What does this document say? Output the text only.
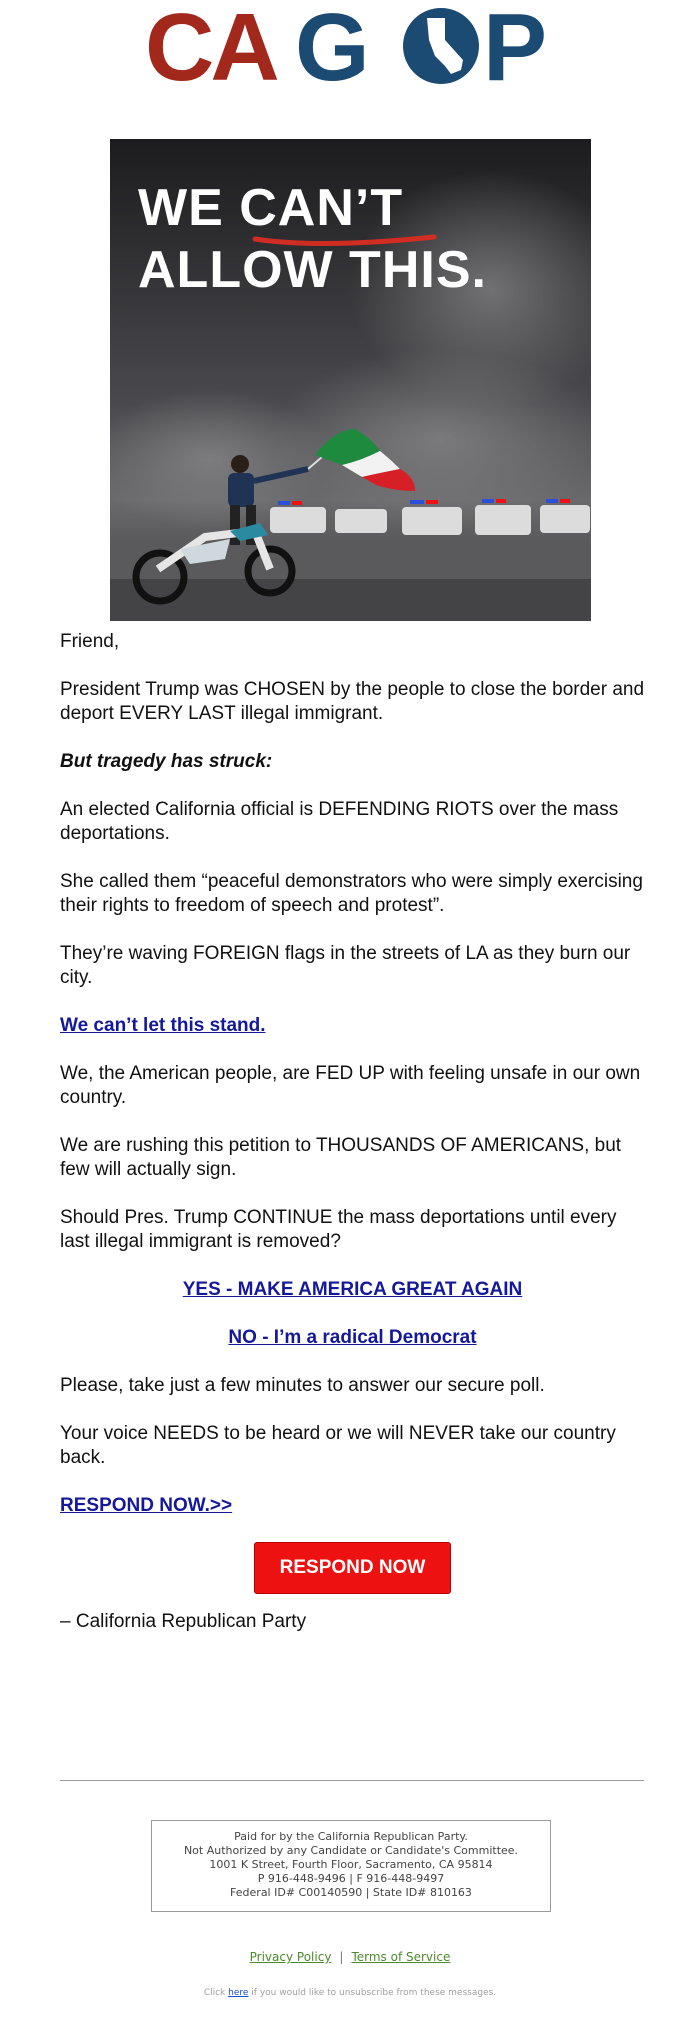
CA G P
WE CAN’T
ALLOW THIS.

Friend,

President Trump was CHOSEN by the people to close the border and deport EVERY LAST illegal immigrant.

But tragedy has struck:

An elected California official is DEFENDING RIOTS over the mass deportations.

She called them “peaceful demonstrators who were simply exercising their rights to freedom of speech and protest”.

They’re waving FOREIGN flags in the streets of LA as they burn our city.

We can’t let this stand.

We, the American people, are FED UP with feeling unsafe in our own country.

We are rushing this petition to THOUSANDS OF AMERICANS, but few will actually sign.

Should Pres. Trump CONTINUE the mass deportations until every last illegal immigrant is removed?

YES - MAKE AMERICA GREAT AGAIN

NO - I’m a radical Democrat

Please, take just a few minutes to answer our secure poll.

Your voice NEEDS to be heard or we will NEVER take our country back.

RESPOND NOW.>>

RESPOND NOW

– California Republican Party

Paid for by the California Republican Party.
Not Authorized by any Candidate or Candidate's Committee.
1001 K Street, Fourth Floor, Sacramento, CA 95814
P 916-448-9496 | F 916-448-9497
Federal ID# C00140590 | State ID# 810163
Privacy Policy | Terms of Service
Click here if you would like to unsubscribe from these messages.
